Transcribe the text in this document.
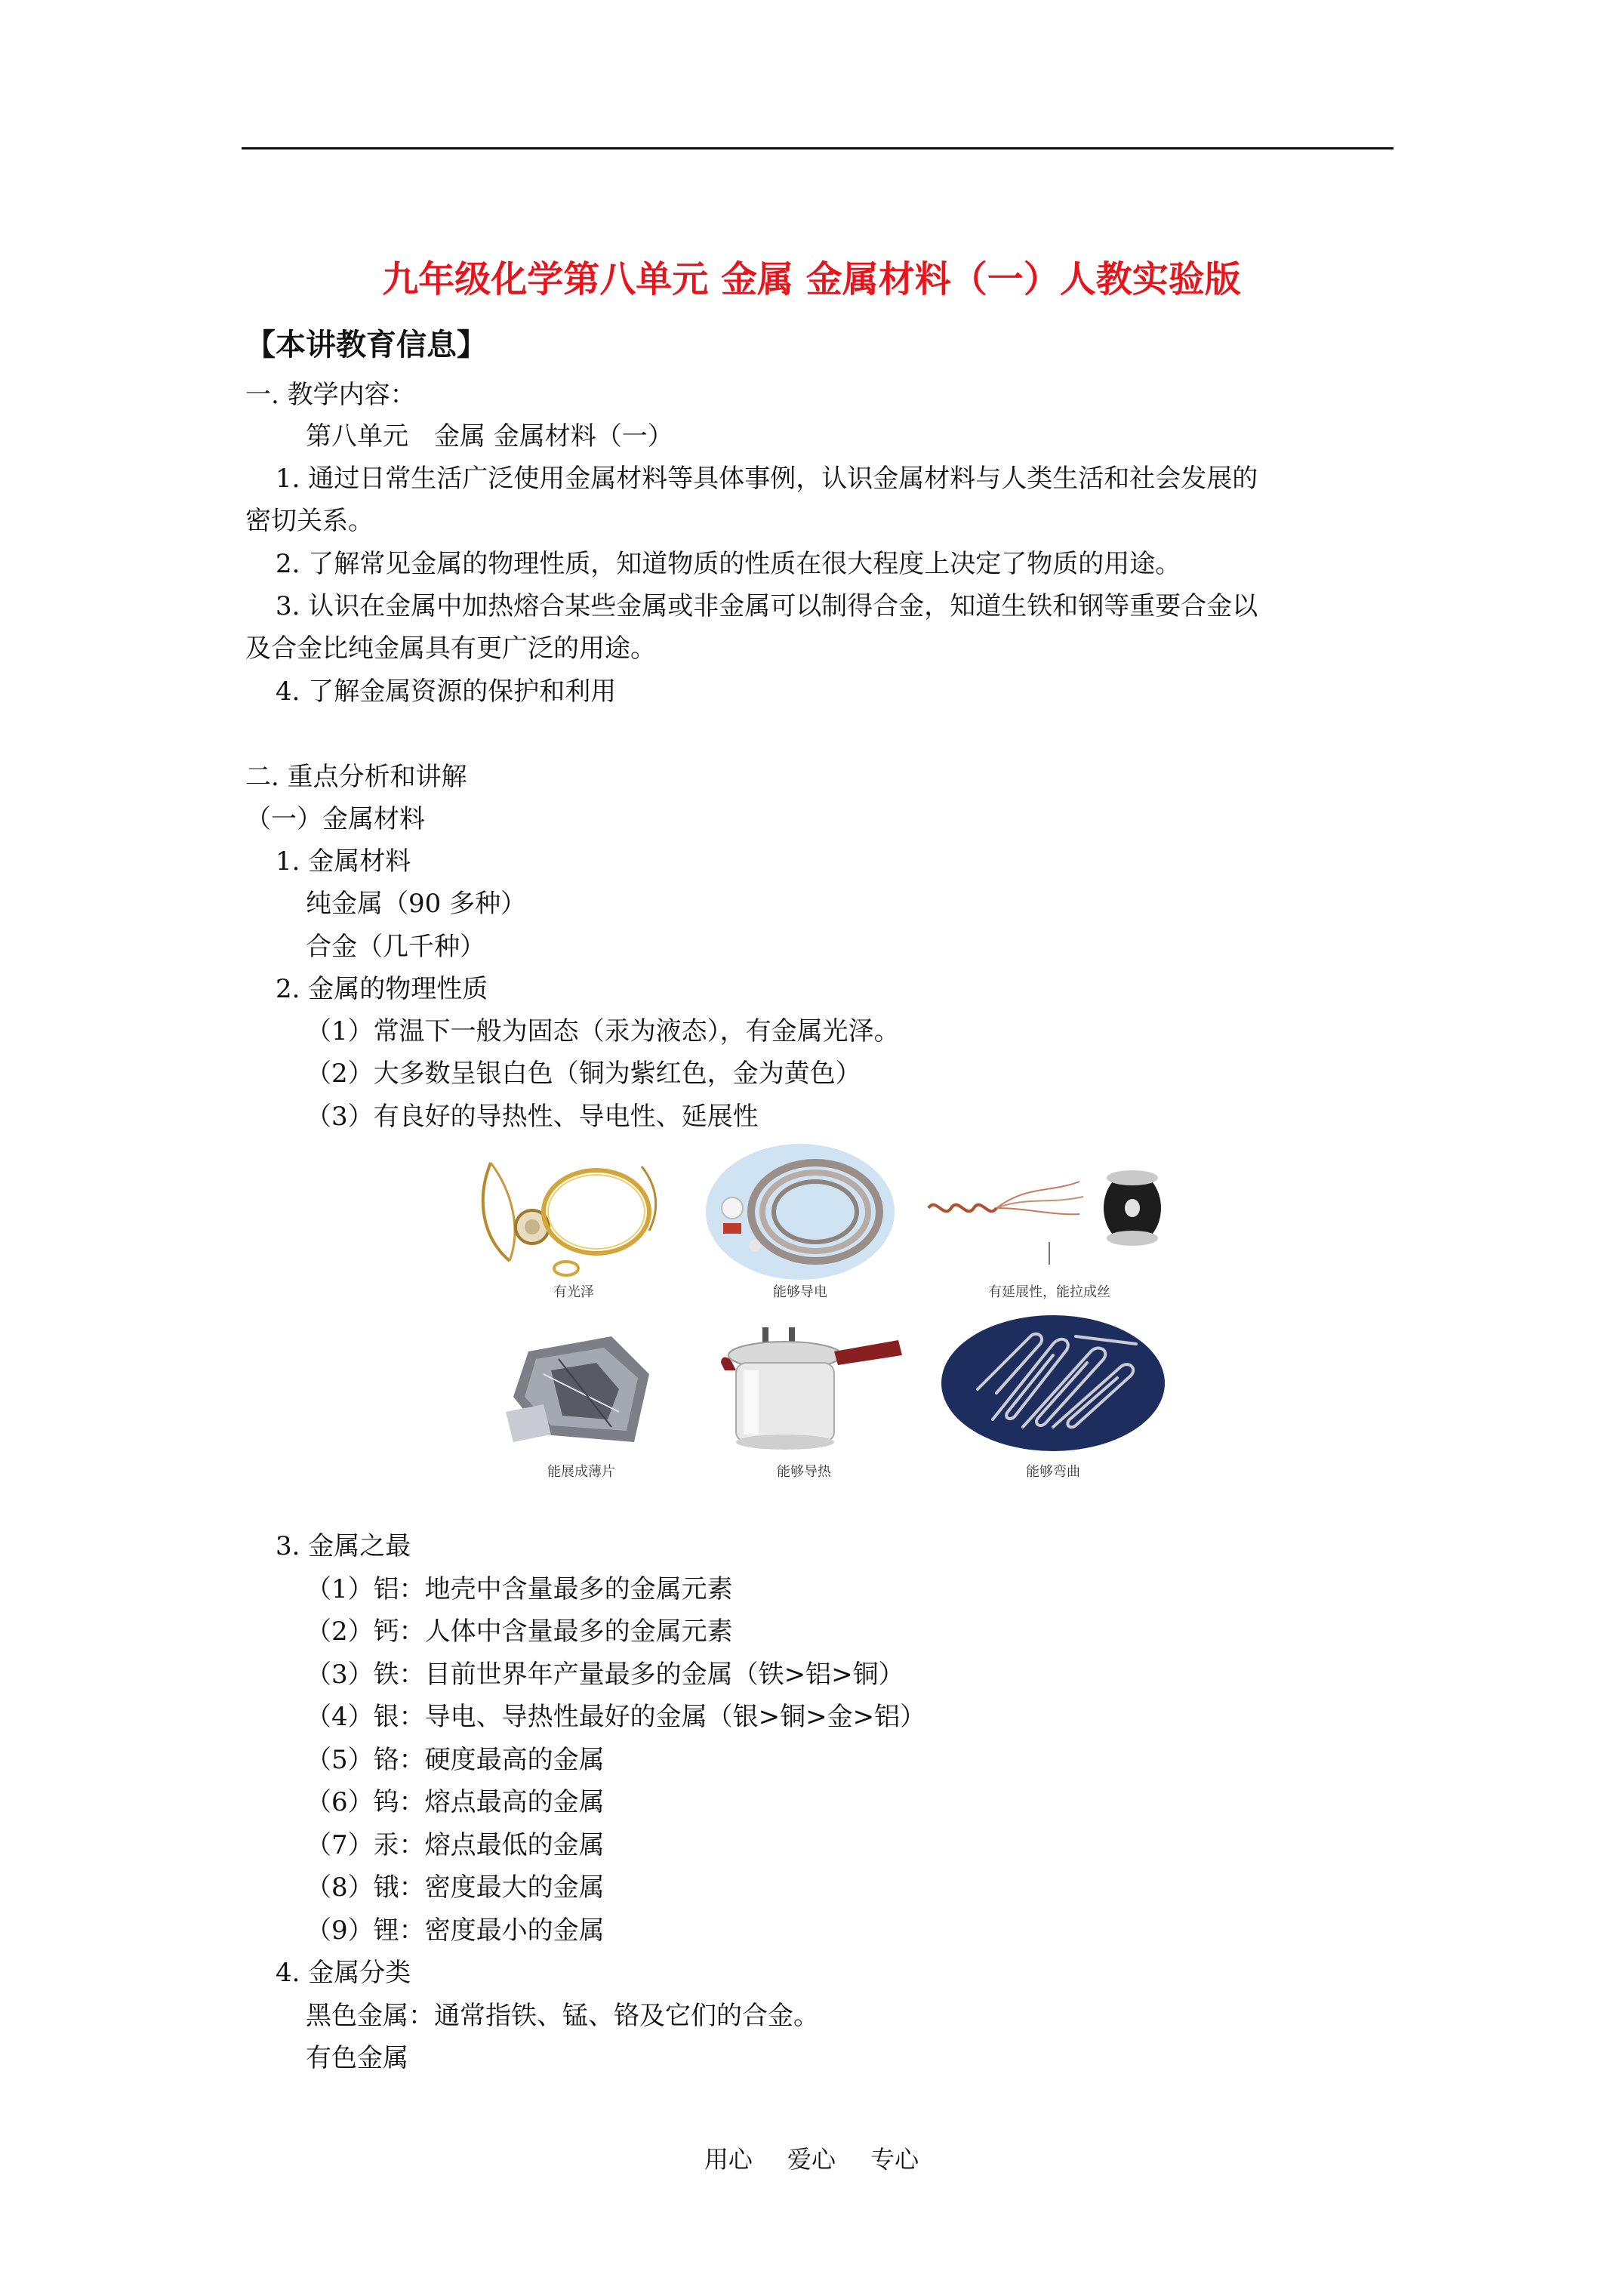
九年级化学第八单元 金属 金属材料（一）人教实验版
【本讲教育信息】
一. 教学内容：
第八单元　金属 金属材料（一）
1. 通过日常生活广泛使用金属材料等具体事例，认识金属材料与人类生活和社会发展的
密切关系。
2. 了解常见金属的物理性质，知道物质的性质在很大程度上决定了物质的用途。
3. 认识在金属中加热熔合某些金属或非金属可以制得合金，知道生铁和钢等重要合金以
及合金比纯金属具有更广泛的用途。
4. 了解金属资源的保护和利用
二. 重点分析和讲解
（一）金属材料
1. 金属材料
纯金属（90 多种）
合金（几千种）
2. 金属的物理性质
（1）常温下一般为固态（汞为液态），有金属光泽。
（2）大多数呈银白色（铜为紫红色，金为黄色）
（3）有良好的导热性、导电性、延展性
有光泽	能够导电	有延展性，能拉成丝
能展成薄片	能够导热	能够弯曲
3. 金属之最
（1）铝：地壳中含量最多的金属元素
（2）钙：人体中含量最多的金属元素
（3）铁：目前世界年产量最多的金属（铁>铝>铜）
（4）银：导电、导热性最好的金属（银>铜>金>铝）
（5）铬：硬度最高的金属
（6）钨：熔点最高的金属
（7）汞：熔点最低的金属
（8）锇：密度最大的金属
（9）锂：密度最小的金属
4. 金属分类
黑色金属：通常指铁、锰、铬及它们的合金。
有色金属
用心 爱心 专心
